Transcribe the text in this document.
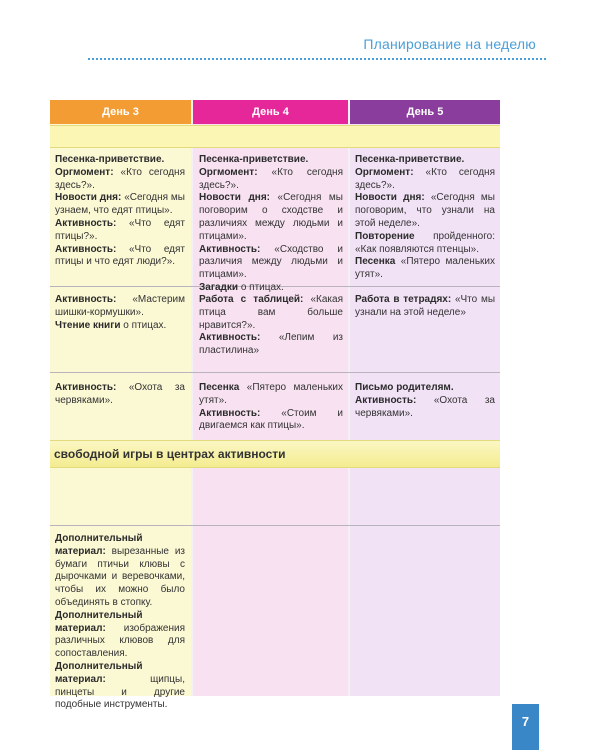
Планирование на неделю
День 3	День 4	День 5
свободной игры в центрах активности

Песенка-приветствие.

Оргмомент: «Кто сегодня здесь?».

Новости дня: «Сегодня мы узнаем, что едят птицы».

Активность: «Что едят птицы?».

Активность: «Что едят птицы и что едят люди?».

Песенка-приветствие.

Оргмомент: «Кто сегодня здесь?».

Новости дня: «Сегодня мы поговорим о сходстве и различиях между людьми и птицами».

Активность: «Сходство и различия между людьми и птицами».

Загадки о птицах.

Песенка-приветствие.

Оргмомент: «Кто сегодня здесь?».

Новости дня: «Сегодня мы поговорим, что узнали на этой неделе».

Повторение пройденного: «Как появляются птенцы».

Песенка «Пятеро маленьких утят».

Активность: «Мастерим шишки-кормушки».

Чтение книги о птицах.

Работа с таблицей: «Какая птица вам больше нравится?».

Активность: «Лепим из пластилина»

Работа в тетрадях: «Что мы узнали на этой неделе»

Активность: «Охота за червяками».

Песенка «Пятеро маленьких утят».

Активность: «Стоим и двигаемся как птицы».

Письмо родителям.

Активность: «Охота за червяками».

Дополнительный материал: вырезанные из бумаги птичьи клювы с дырочками и веревочками, чтобы их можно было объединять в стопку.

Дополнительный материал: изображения различных клювов для сопоставления.

Дополнительный материал: щипцы, пинцеты и другие подобные инструменты.

7
